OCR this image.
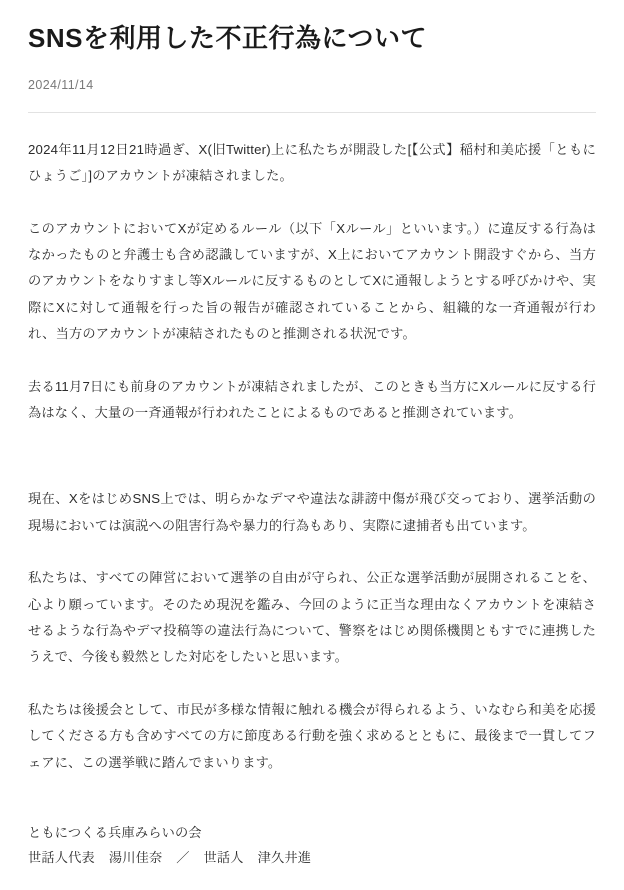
SNSを利用した不正行為について
2024/11/14

2024年11月12日21時過ぎ、X(旧Twitter)上に私たちが開設した[【公式】稲村和美応援「ともにひょうご」]のアカウントが凍結されました。

このアカウントにおいてXが定めるルール（以下「Xルール」といいます。）に違反する行為はなかったものと弁護士も含め認識していますが、X上においてアカウント開設すぐから、当方のアカウントをなりすまし等Xルールに反するものとしてXに通報しようとする呼びかけや、実際にXに対して通報を行った旨の報告が確認されていることから、組織的な一斉通報が行われ、当方のアカウントが凍結されたものと推測される状況です。

去る11月7日にも前身のアカウントが凍結されましたが、このときも当方にXルールに反する行為はなく、大量の一斉通報が行われたことによるものであると推測されています。

現在、XをはじめSNS上では、明らかなデマや違法な誹謗中傷が飛び交っており、選挙活動の現場においては演説への阻害行為や暴力的行為もあり、実際に逮捕者も出ています。

私たちは、すべての陣営において選挙の自由が守られ、公正な選挙活動が展開されることを、心より願っています。そのため現況を鑑み、今回のように正当な理由なくアカウントを凍結させるような行為やデマ投稿等の違法行為について、警察をはじめ関係機関ともすでに連携したうえで、今後も毅然とした対応をしたいと思います。

私たちは後援会として、市民が多様な情報に触れる機会が得られるよう、いなむら和美を応援してくださる方も含めすべての方に節度ある行動を強く求めるとともに、最後まで一貫してフェアに、この選挙戦に踏んでまいります。

ともにつくる兵庫みらいの会
世話人代表 湯川佳奈 ／ 世話人 津久井進
